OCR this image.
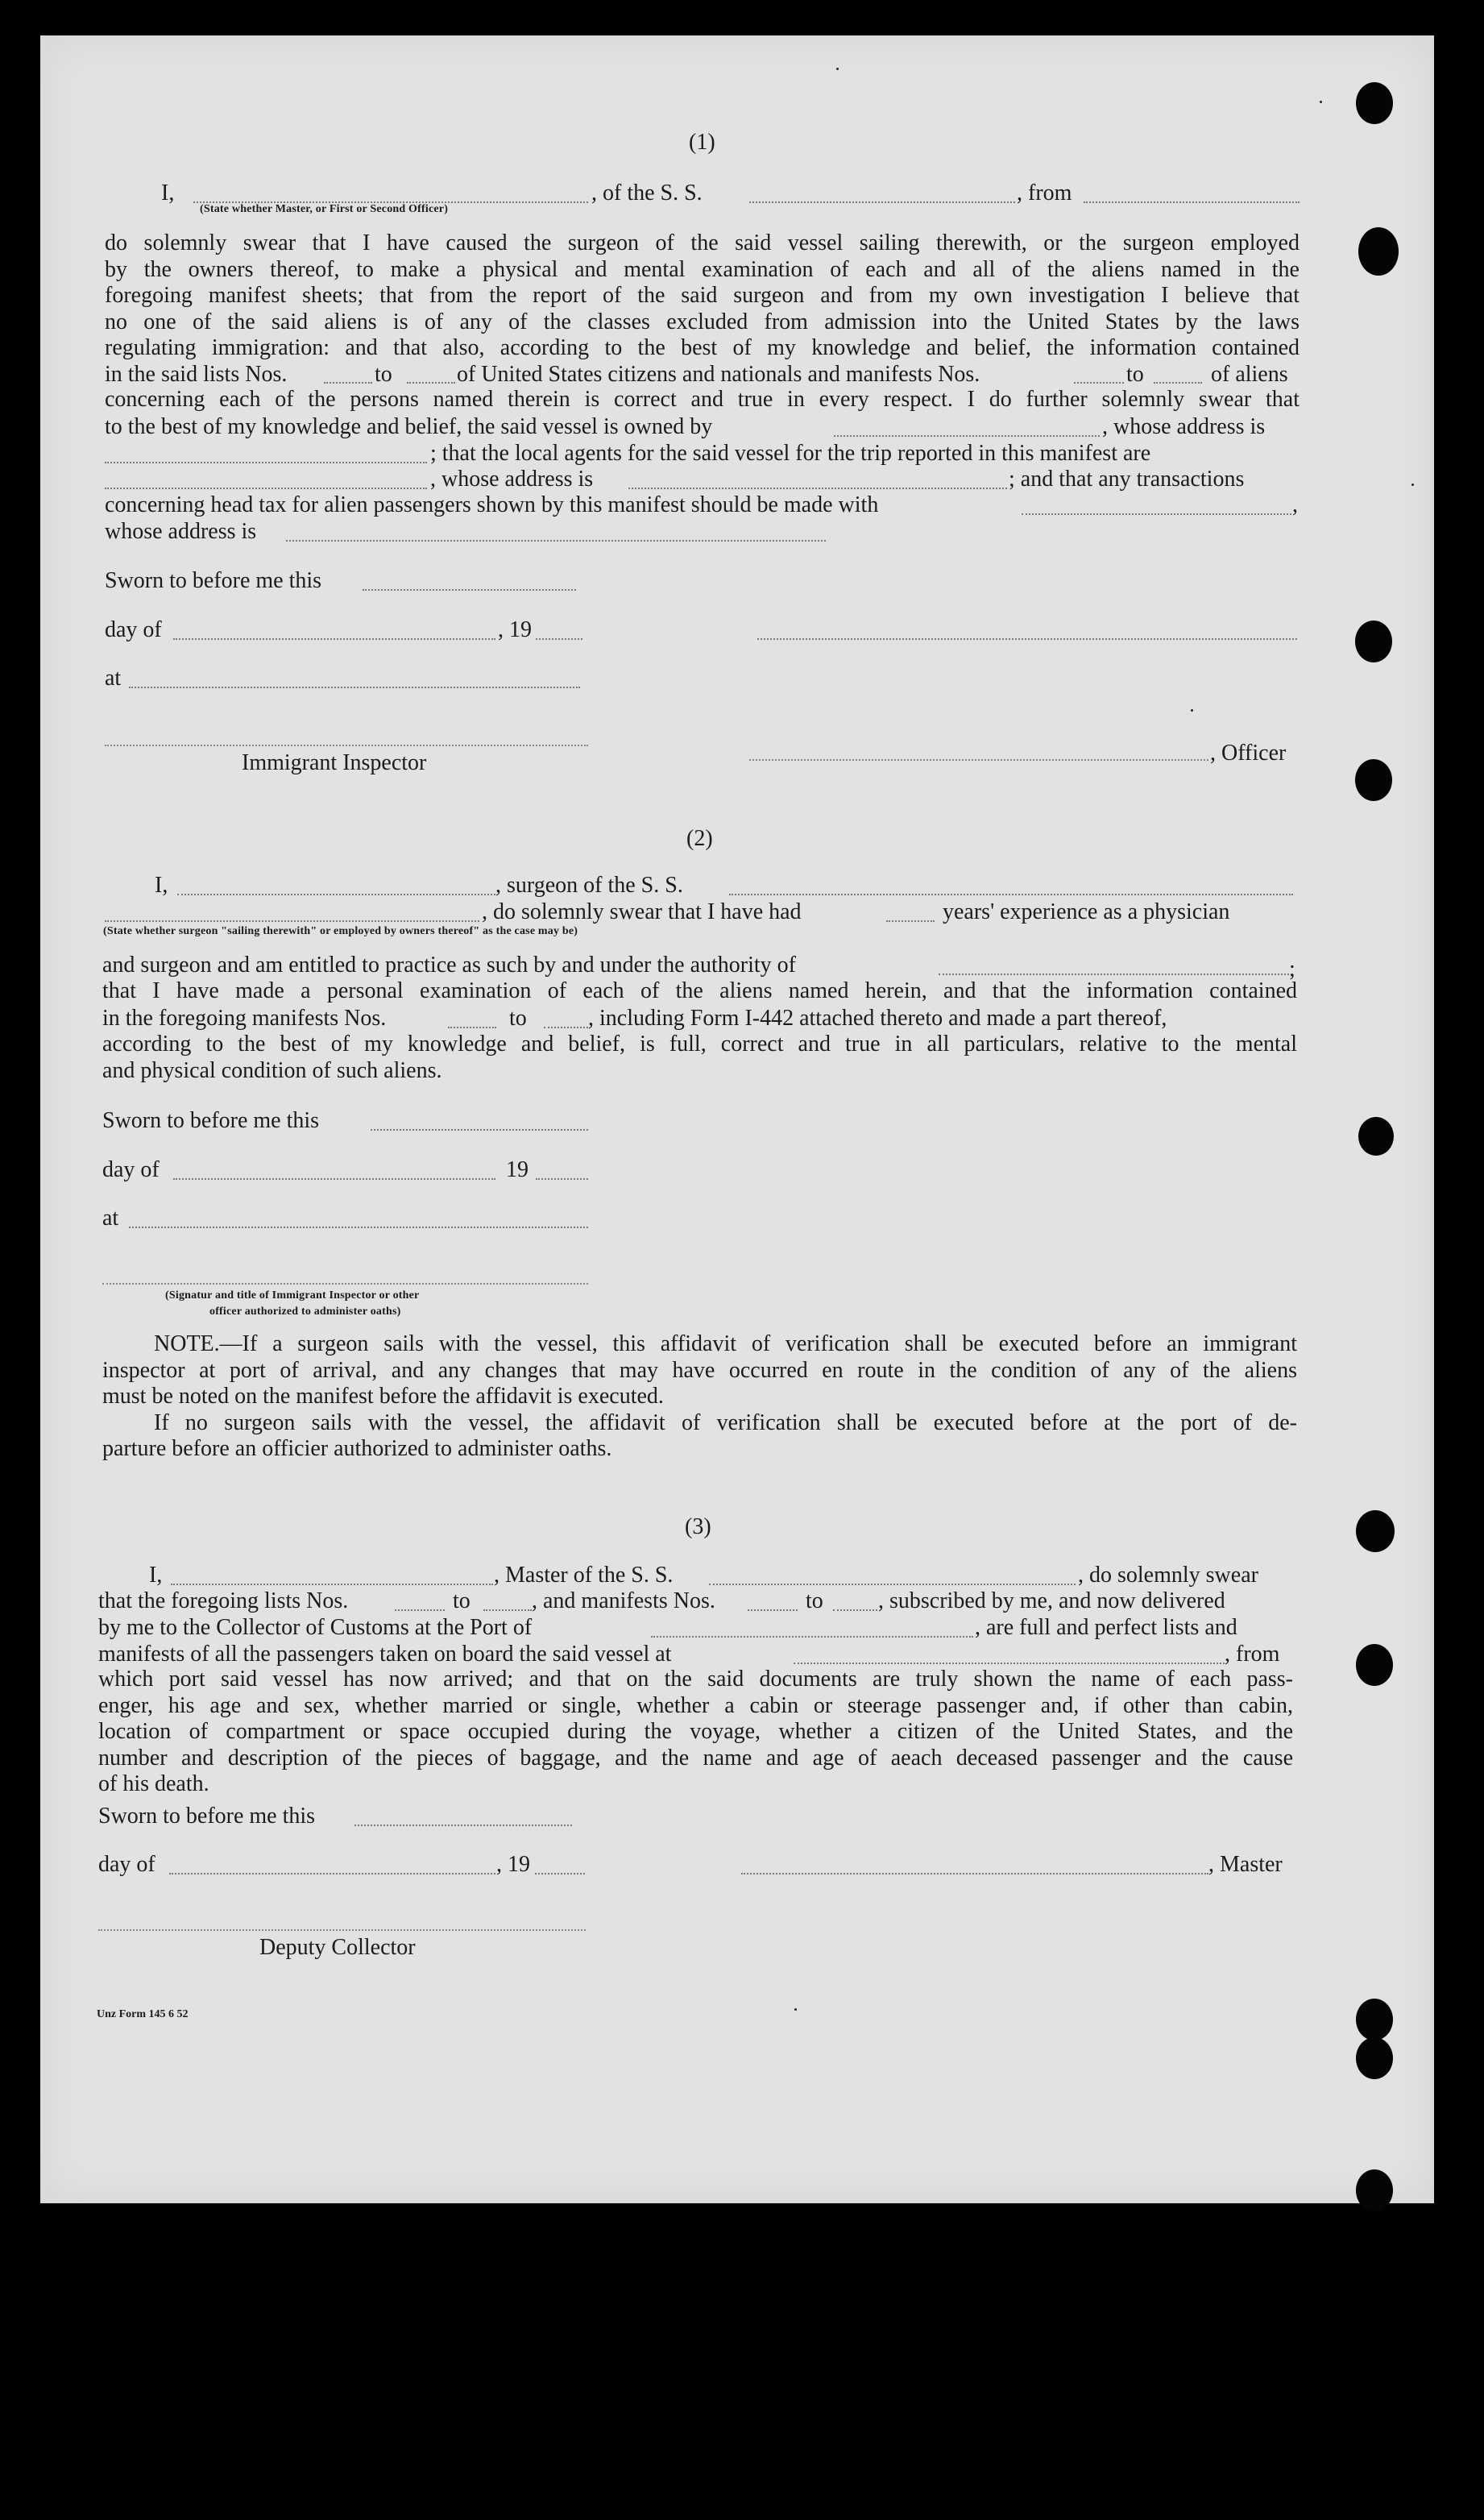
(1)
I,	, of the S. S.	, from
(State whether Master, or First or Second Officer)
do solemnly swear that I have caused the surgeon of the said vessel sailing therewith, or the surgeon employed
by the owners thereof, to make a physical and mental examination of each and all of the aliens named in the
foregoing manifest sheets; that from the report of the said surgeon and from my own investigation I believe that
no one of the said aliens is of any of the classes excluded from admission into the United States by the laws
regulating immigration: and that also, according to the best of my knowledge and belief, the information contained
in the said lists Nos.	to	of United States citizens and nationals and manifests Nos.	to	of aliens
concerning each of the persons named therein is correct and true in every respect. I do further solemnly swear that
to the best of my knowledge and belief, the said vessel is owned by	, whose address is
; that the local agents for the said vessel for the trip reported in this manifest are
, whose address is	; and that any transactions
concerning head tax for alien passengers shown by this manifest should be made with	,
whose address is
Sworn to before me this
day of	, 19
at
Immigrant Inspector	, Officer
(2)
I,	, surgeon of the S. S.
, do solemnly swear that I have had	years' experience as a physician
(State whether surgeon "sailing therewith" or employed by owners thereof" as the case may be)
and surgeon and am entitled to practice as such by and under the authority of	;
that I have made a personal examination of each of the aliens named herein, and that the information contained
in the foregoing manifests Nos.	to	, including Form I-442 attached thereto and made a part thereof,
according to the best of my knowledge and belief, is full, correct and true in all particulars, relative to the mental
and physical condition of such aliens.
Sworn to before me this
day of	19
at
(Signatur and title of Immigrant Inspector or other
officer authorized to administer oaths)
NOTE.—If a surgeon sails with the vessel, this affidavit of verification shall be executed before an immigrant
inspector at port of arrival, and any changes that may have occurred en route in the condition of any of the aliens
must be noted on the manifest before the affidavit is executed.
If no surgeon sails with the vessel, the affidavit of verification shall be executed before at the port of de-
parture before an officier authorized to administer oaths.
(3)
I,	, Master of the S. S.	, do solemnly swear
that the foregoing lists Nos.	to	, and manifests Nos.	to , subscribed by me, and now delivered
by me to the Collector of Customs at the Port of	, are full and perfect lists and
manifests of all the passengers taken on board the said vessel at	, from
which port said vessel has now arrived; and that on the said documents are truly shown the name of each pass-
enger, his age and sex, whether married or single, whether a cabin or steerage passenger and, if other than cabin,
location of compartment or space occupied during the voyage, whether a citizen of the United States, and the
number and description of the pieces of baggage, and the name and age of aeach deceased passenger and the cause
of his death.
Sworn to before me this
day of	, 19	, Master
Deputy Collector
Unz Form 145 6 52
